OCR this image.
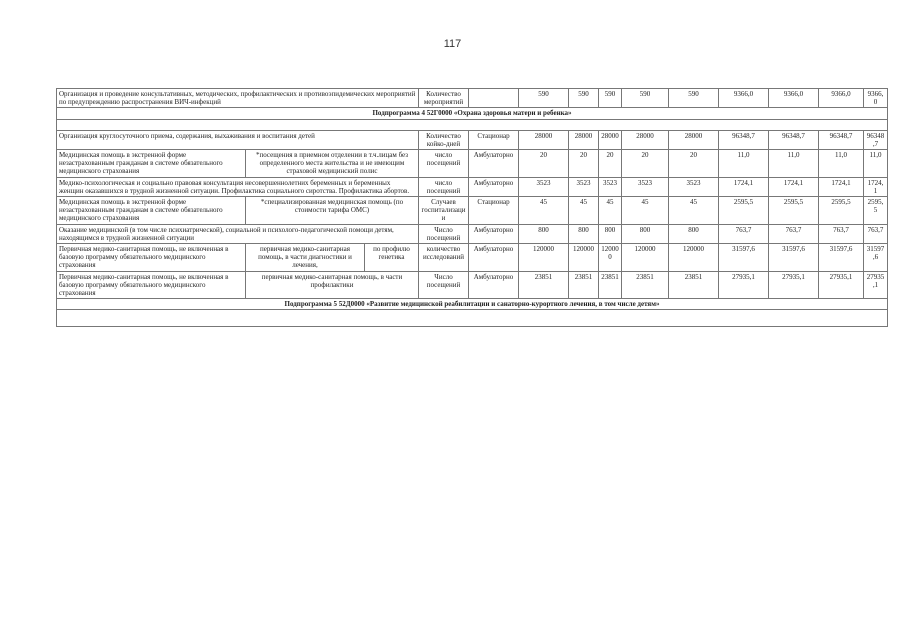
117
Организация и проведение консультативных, методических, профилактических и противоэпидемических мероприятий по предупреждению распространения ВИЧ-инфекций			Количество мероприятий		590	590	590	590	590	9366,0	9366,0	9366,0	9366,0
Подпрограмма 4 52Г0000 «Охрана здоровья матери и ребенка»													

Организация круглосуточного приема, содержания, выхаживания и воспитания детей			Количество койко-дней	Стационар	28000	28000	28000	28000	28000	96348,7	96348,7	96348,7	96348,7
Медицинская помощь в экстренной форме незастрахованным гражданам в системе обязательного медицинского страхования	*посещения в приемном отделении в т.ч.лицам без определенного места жительства и не имеющим страховой медицинский полис		число посещений	Амбулаторно	20	20	20	20	20	11,0	11,0	11,0	11,0
Медико-психологическая и социально правовая консультация несовершеннолетних беременных и беременных женщин оказавшихся в трудной жизненной ситуации. Профилактика социального сиротства. Профилактика абортов.			число посещений	Амбулаторно	3523	3523	3523	3523	3523	1724,1	1724,1	1724,1	1724,1
Медицинская помощь в экстренной форме незастрахованным гражданам в системе обязательного медицинского страхования	*специализированная медицинская помощь (по стоимости тарифа ОМС)		Случаев госпитализации	Стационар	45	45	45	45	45	2595,5	2595,5	2595,5	2595,5
Оказание медицинской (в том числе психиатрической), социальной и психолого-педагогической помощи детям, находящимся в трудной жизненной ситуации			Число посещений	Амбулаторно	800	800	800	800	800	763,7	763,7	763,7	763,7
Первичная медико-санитарная помощь, не включенная в базовую программу обязательного медицинского страхования	первичная медико-санитарная помощь, в части диагностики и лечения,	по профилю генетика	количество исследований	Амбулаторно	120000	120000	120000	120000	120000	31597,6	31597,6	31597,6	31597,6
Первичная медико-санитарная помощь, не включенная в базовую программу обязательного медицинского страхования	первичная медико-санитарная помощь, в части профилактики		Число посещений	Амбулаторно	23851	23851	23851	23851	23851	27935,1	27935,1	27935,1	27935,1
Подпрограмма 5 52Д0000 «Развитие медицинской реабилитации и санаторно-курортного лечения, в том числе детям»													
